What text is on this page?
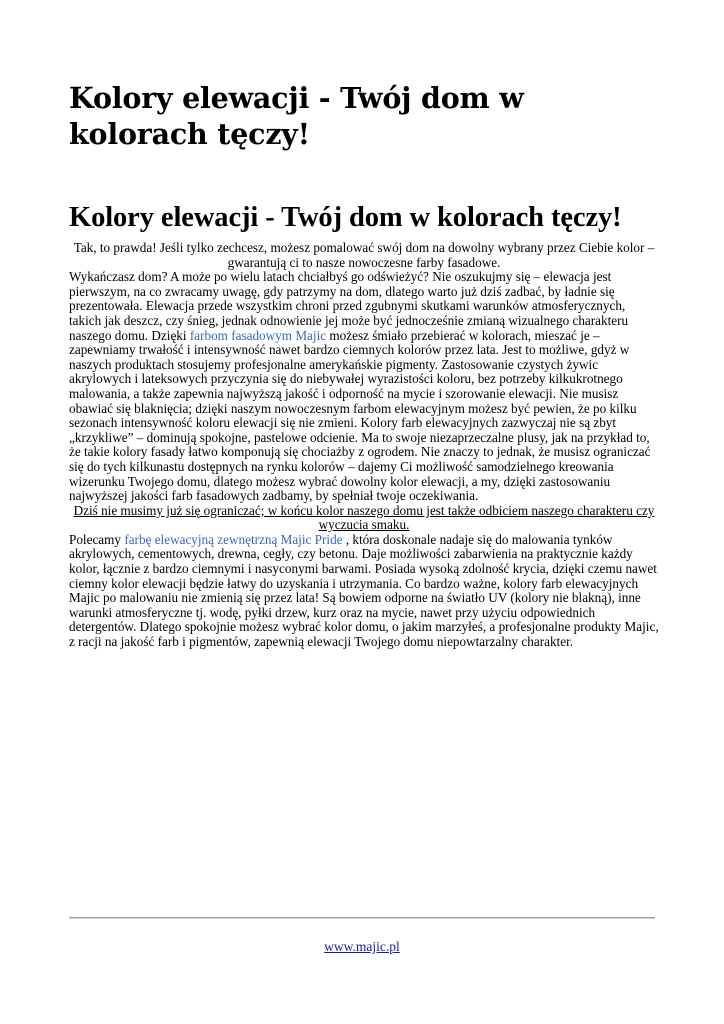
Kolory elewacji - Twój dom w kolorach tęczy!
Kolory elewacji - Twój dom w kolorach tęczy!

Tak, to prawda! Jeśli tylko zechcesz, możesz pomalować swój dom na dowolny wybrany przez Ciebie kolor – gwarantują ci to nasze nowoczesne farby fasadowe.

Wykańczasz dom? A może po wielu latach chciałbyś go odświeżyć? Nie oszukujmy się – elewacja jest pierwszym, na co zwracamy uwagę, gdy patrzymy na dom, dlatego warto już dziś zadbać, by ładnie się prezentowała. Elewacja przede wszystkim chroni przed zgubnymi skutkami warunków atmosferycznych, takich jak deszcz, czy śnieg, jednak odnowienie jej może być jednocześnie zmianą wizualnego charakteru naszego domu. Dzięki farbom fasadowym Majic możesz śmiało przebierać w kolorach, mieszać je – zapewniamy trwałość i intensywność nawet bardzo ciemnych kolorów przez lata. Jest to możliwe, gdyż w naszych produktach stosujemy profesjonalne amerykańskie pigmenty. Zastosowanie czystych żywic akrylowych i lateksowych przyczynia się do niebywałej wyrazistości koloru, bez potrzeby kilkukrotnego malowania, a także zapewnia najwyższą jakość i odporność na mycie i szorowanie elewacji. Nie musisz obawiać się blaknięcia; dzięki naszym nowoczesnym farbom elewacyjnym możesz być pewien, że po kilku sezonach intensywność koloru elewacji się nie zmieni. Kolory farb elewacyjnych zazwyczaj nie są zbyt „krzykliwe” – dominują spokojne, pastelowe odcienie. Ma to swoje niezaprzeczalne plusy, jak na przykład to, że takie kolory fasady łatwo komponują się chociażby z ogrodem. Nie znaczy to jednak, że musisz ograniczać się do tych kilkunastu dostępnych na rynku kolorów – dajemy Ci możliwość samodzielnego kreowania wizerunku Twojego domu, dlatego możesz wybrać dowolny kolor elewacji, a my, dzięki zastosowaniu najwyższej jakości farb fasadowych zadbamy, by spełniał twoje oczekiwania.

Dziś nie musimy już się ograniczać; w końcu kolor naszego domu jest także odbiciem naszego charakteru czy wyczucia smaku.

Polecamy farbę elewacyjną zewnętrzną Majic Pride , która doskonale nadaje się do malowania tynków akrylowych, cementowych, drewna, cegły, czy betonu. Daje możliwości zabarwienia na praktycznie każdy kolor, łącznie z bardzo ciemnymi i nasyconymi barwami. Posiada wysoką zdolność krycia, dzięki czemu nawet ciemny kolor elewacji będzie łatwy do uzyskania i utrzymania. Co bardzo ważne, kolory farb elewacyjnych Majic po malowaniu nie zmienią się przez lata! Są bowiem odporne na światło UV (kolory nie blakną), inne warunki atmosferyczne tj. wodę, pyłki drzew, kurz oraz na mycie, nawet przy użyciu odpowiednich detergentów. Dlatego spokojnie możesz wybrać kolor domu, o jakim marzyłeś, a profesjonalne produkty Majic, z racji na jakość farb i pigmentów, zapewnią elewacji Twojego domu niepowtarzalny charakter.

www.majic.pl
